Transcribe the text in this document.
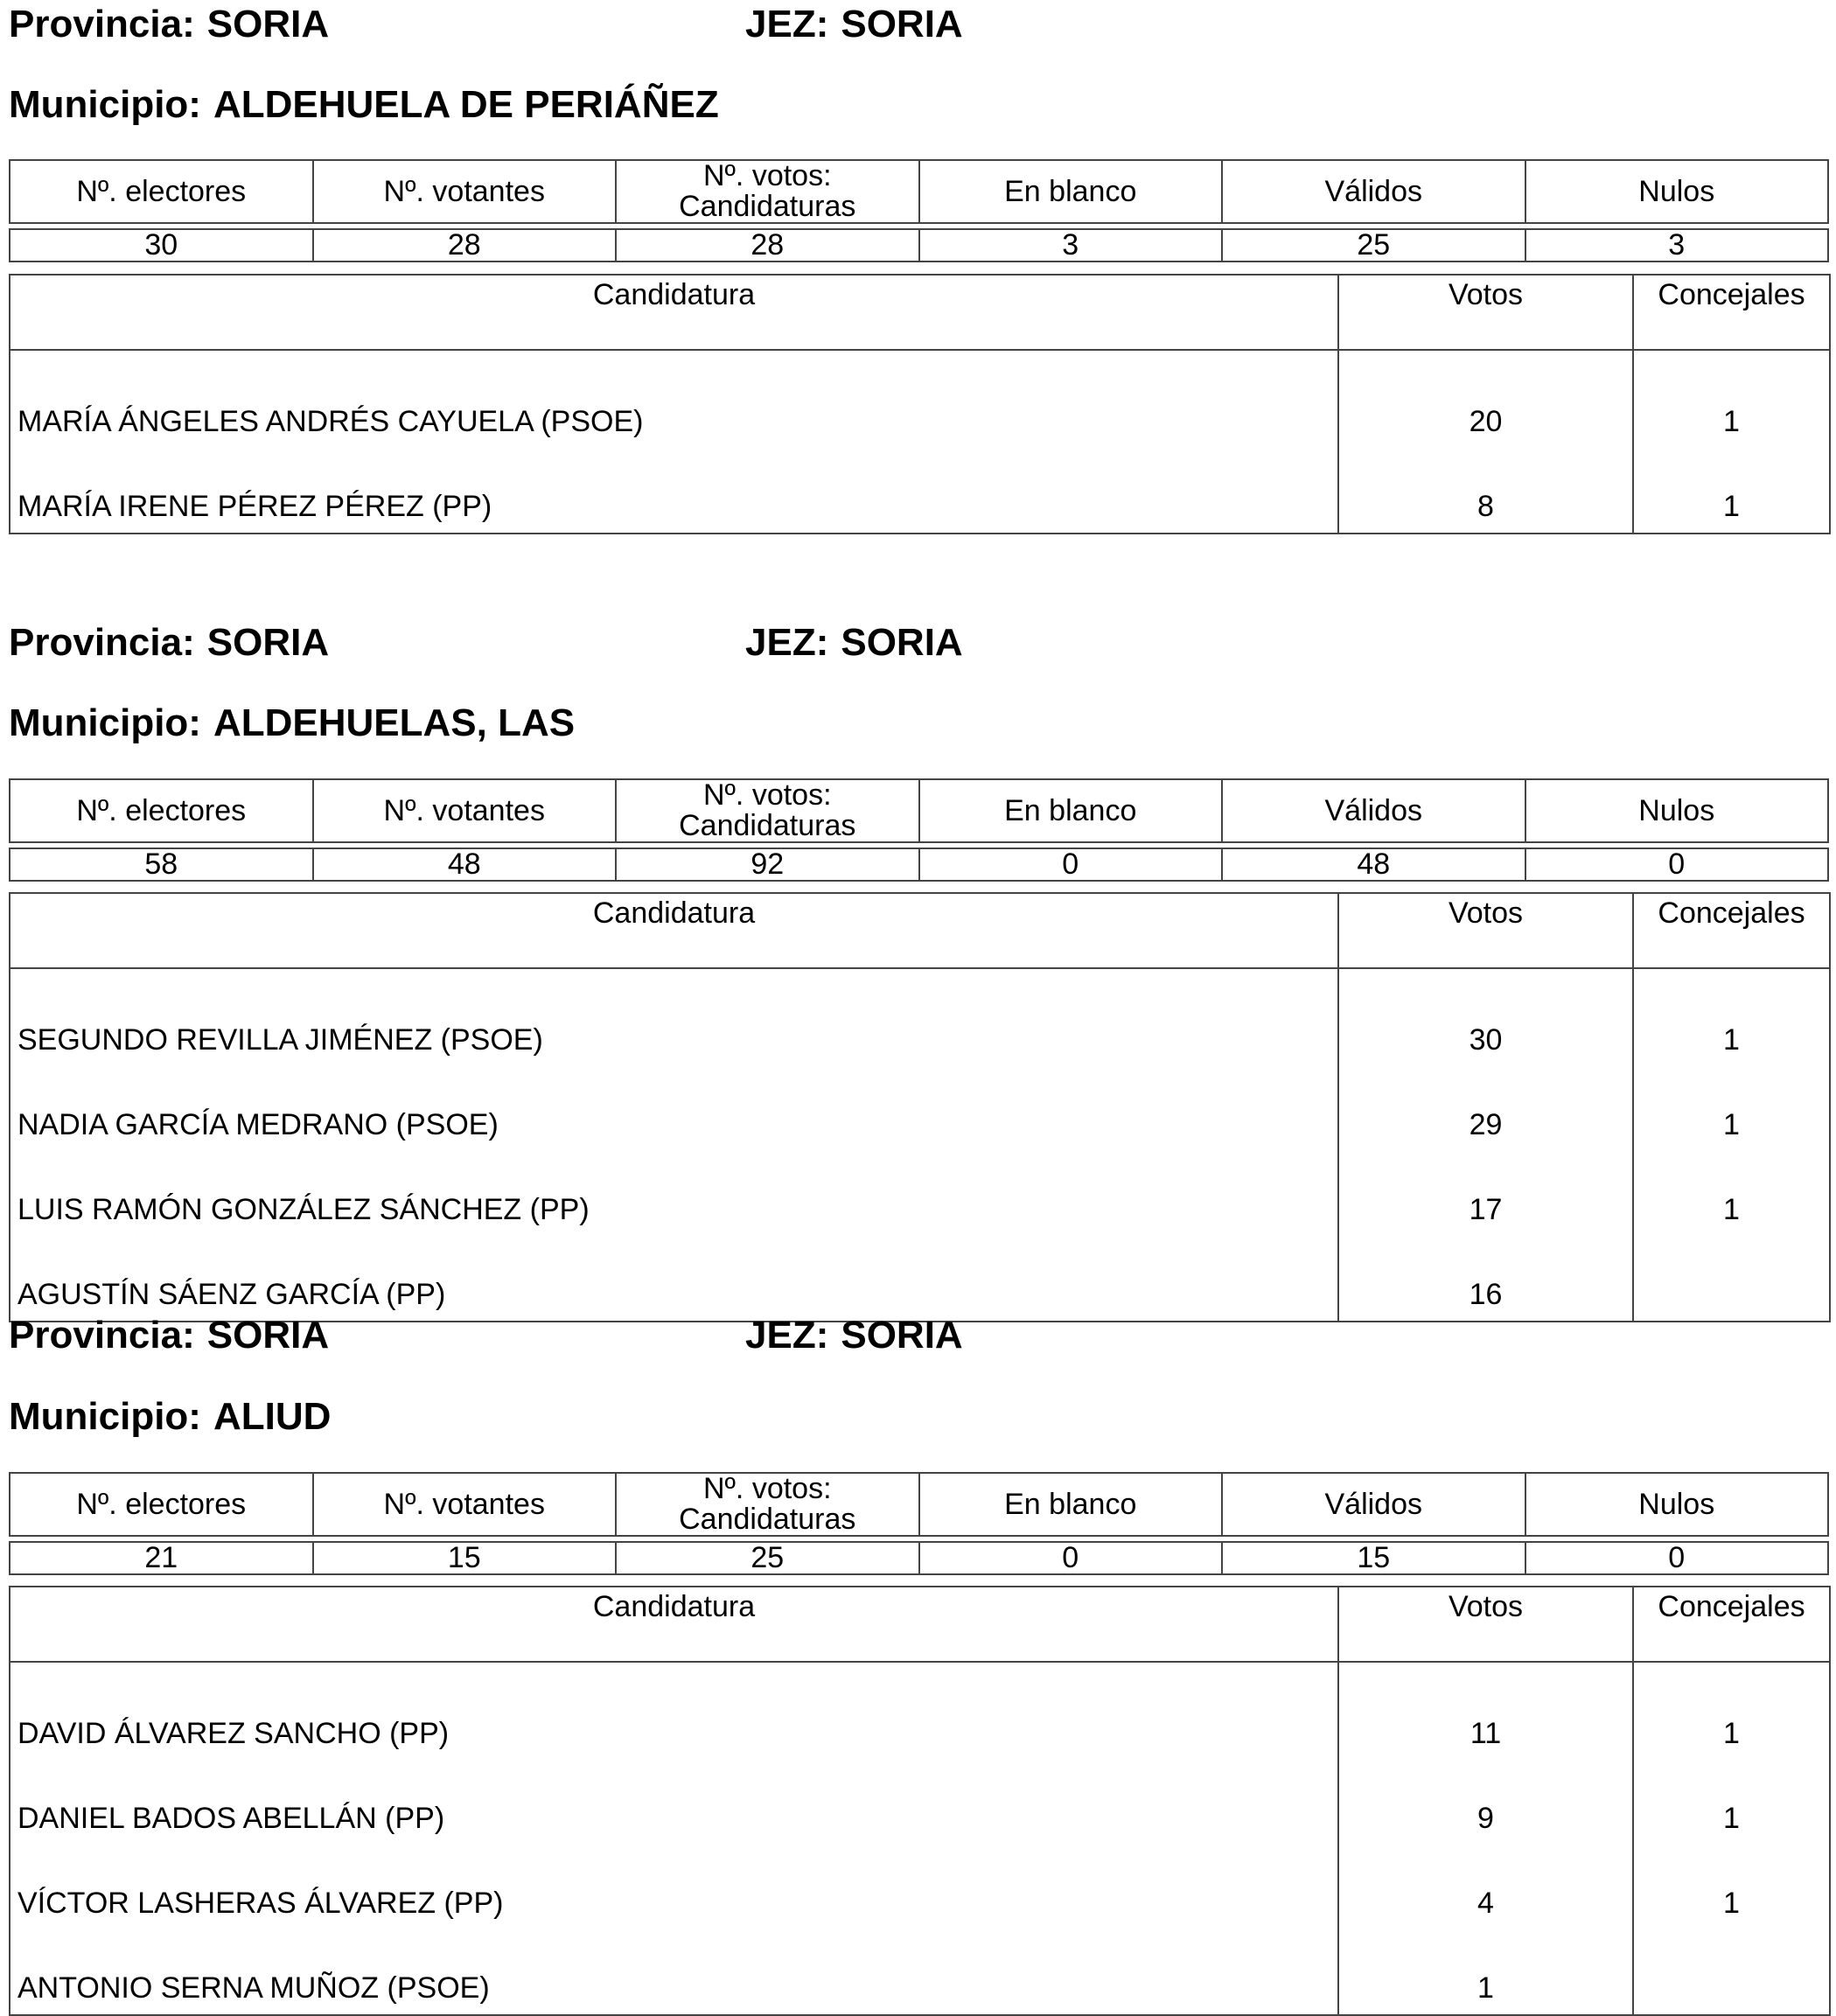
Provincia: SORIA	JEZ: SORIA
Municipio: ALDEHUELA DE PERIÁÑEZ
Nº. electores	Nº. votantes	Nº. votos: Candidaturas	En blanco	Válidos	Nulos

30	28	28	3	25	3
Candidatura	Votos	Concejales
MARÍA ÁNGELES ANDRÉS CAYUELA (PSOE)	20	1
MARÍA IRENE PÉREZ PÉREZ (PP)	8	1
Provincia: SORIA	JEZ: SORIA
Municipio: ALDEHUELAS, LAS
Nº. electores	Nº. votantes	Nº. votos: Candidaturas	En blanco	Válidos	Nulos

58	48	92	0	48	0
Candidatura	Votos	Concejales
SEGUNDO REVILLA JIMÉNEZ (PSOE)	30	1
NADIA GARCÍA MEDRANO (PSOE)	29	1
LUIS RAMÓN GONZÁLEZ SÁNCHEZ (PP)	17	1
AGUSTÍN SÁENZ GARCÍA (PP)	16	
Provincia: SORIA	JEZ: SORIA
Municipio: ALIUD
Nº. electores	Nº. votantes	Nº. votos: Candidaturas	En blanco	Válidos	Nulos

21	15	25	0	15	0
Candidatura	Votos	Concejales
DAVID ÁLVAREZ SANCHO (PP)	11	1
DANIEL BADOS ABELLÁN (PP)	9	1
VÍCTOR LASHERAS ÁLVAREZ (PP)	4	1
ANTONIO SERNA MUÑOZ (PSOE)	1	
